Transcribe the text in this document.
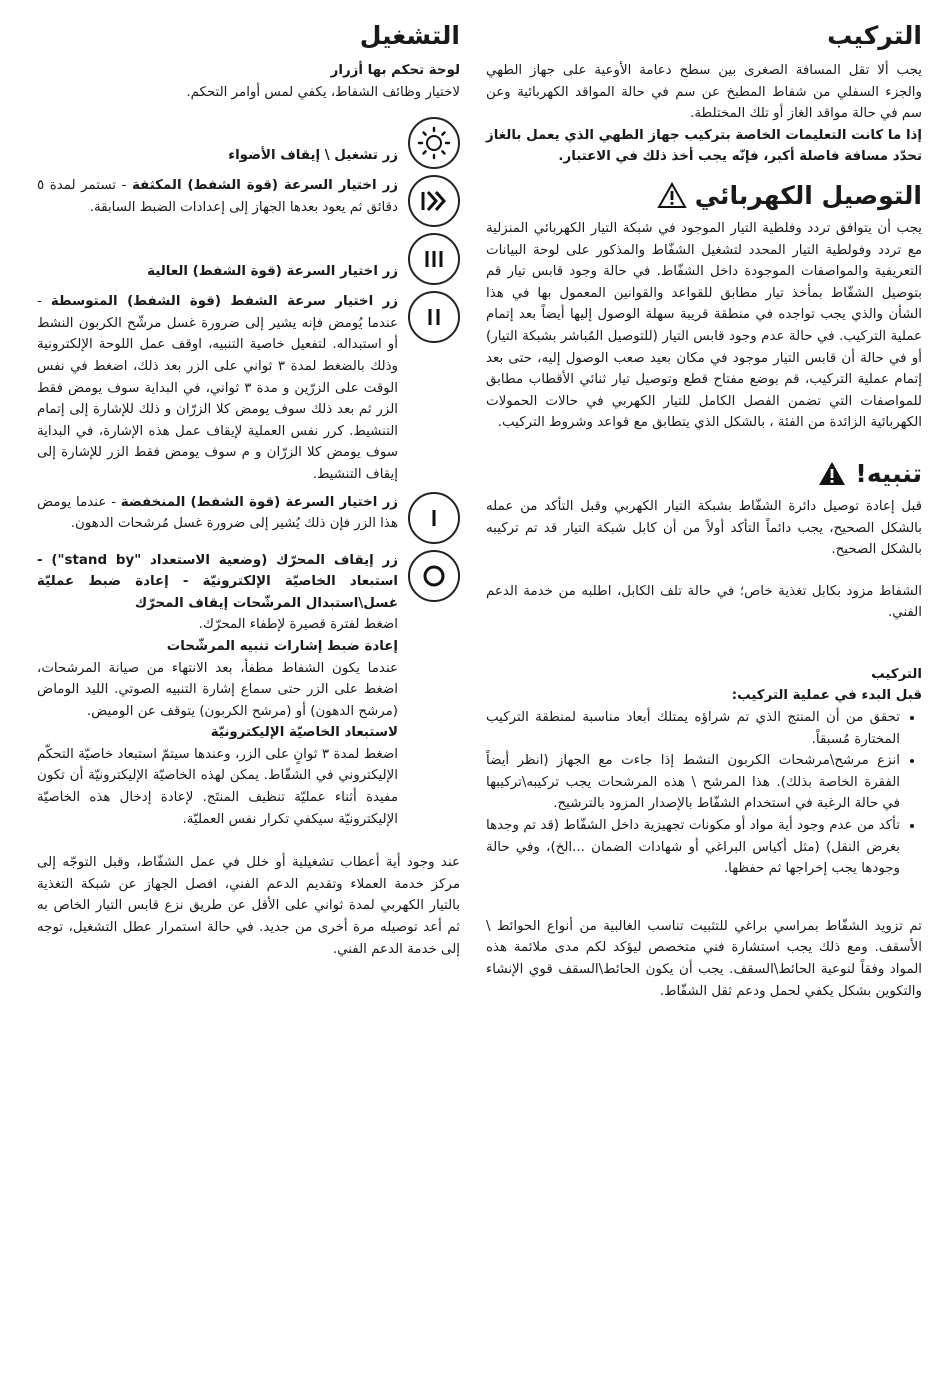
التركيب

يجب ألا تقل المسافة الصغرى بين سطح دعامة الأوعية على جهاز الطهي والجزء السفلي من شفاط المطبخ عن سم في حالة المواقد الكهربائية وعن سم في حالة مواقد الغاز أو تلك المختلطة.

إذا ما كانت التعليمات الخاصة بتركيب جهاز الطهي الذي يعمل بالغاز تحدّد مسافة فاصلة أكبر، فإنّه يجب أخذ ذلك في الاعتبار.

التوصيل الكهربائي

يجب أن يتوافق تردد وفلطية التيار الموجود في شبكة التيار الكهربائي المنزلية مع تردد وفولطية التيار المحدد لتشغيل الشفّاط والمذكور على لوحة البيانات التعريفية والمواصفات الموجودة داخل الشفّاط. في حالة وجود قابس تيار قم بتوصيل الشفّاط بمأخذ تيار مطابق للقواعد والقوانين المعمول بها في هذا الشأن والذي يجب تواجده في منطقة قريبة سهلة الوصول إليها أيضاً بعد إتمام عملية التركيب. في حالة عدم وجود قابس التيار (للتوصيل المُباشر بشبكة التيار) أو في حالة أن قابس التيار موجود في مكان بعيد صعب الوصول إليه، حتى بعد إتمام عملية التركيب، قم بوضع مفتاح قطع وتوصيل تيار ثنائي الأقطاب مطابق للمواصفات التي تضمن الفصل الكامل للتيار الكهربي في حالات الحمولات الكهربائية الزائدة من الفئة ، بالشكل الذي يتطابق مع قواعد وشروط التركيب.

تنبيه!

قبل إعادة توصيل دائرة الشفّاط بشبكة التيار الكهربي وقبل التأكد من عمله بالشكل الصحيح، يجب دائماً التأكد أولاً من أن كابل شبكة التيار قد تم تركيبه بالشكل الصحيح.

الشفاط مزود بكابل تغذية خاص؛ في حالة تلف الكابل، اطلبه من خدمة الدعم الفني.

التركيب

قبل البدء في عملية التركيب:

• تحقق من أن المنتج الذي تم شراؤه يمتلك أبعاد مناسبة لمنطقة التركيب المختارة مُسبقاً.
• انزع مرشح\مرشحات الكربون النشط إذا جاءت مع الجهاز (انظر أيضاً الفقرة الخاصة بذلك). هذا المرشح \ هذه المرشحات يجب تركيبه\تركيبها في حالة الرغبة في استخدام الشفّاط بالإصدار المزود بالترشيح.
• تأكد من عدم وجود أية مواد أو مكونات تجهيزية داخل الشفّاط (قد تم وجدها بغرض النقل) (مثل أكياس البراغي أو شهادات الضمان ...الخ)، وفي حالة وجودها يجب إخراجها ثم حفظها.

تم تزويد الشفّاط بمراسي براغي للتثبيت تناسب الغالبية من أنواع الحوائط \ الأسقف. ومع ذلك يجب استشارة فني متخصص ليؤكد لكم مدى ملائمة هذه المواد وفقاً لنوعية الحائط\السقف. يجب أن يكون الحائط\السقف قوي الإنشاء والتكوين بشكل يكفي لحمل ودعم ثقل الشفّاط.

التشغيل

لوحة تحكم بها أزرار

لاختيار وظائف الشفاط، يكفي لمس أوامر التحكم.

زر تشغيل \ إيقاف الأضواء

زر اختيار السرعة (قوة الشفط) المكثفة - تستمر لمدة ٥ دقائق ثم يعود بعدها الجهاز إلى إعدادات الضبط السابقة.

زر اختيار السرعة (قوة الشفط) العالية

زر اختيار سرعة الشفط (قوة الشفط) المتوسطة - عندما يُومض فإنه يشير إلى ضرورة غسل مرشّح الكربون النشط أو استبداله. لتفعيل خاصية التنبيه، اوقف عمل اللوحة الإلكترونية وذلك بالضغط لمدة ٣ ثواني على الزر بعد ذلك، اضغط في نفس الوقت على الزرّين و مدة ٣ ثواني، في البداية سوف يومض فقط الزر ثم بعد ذلك سوف يومض كلا الزرّان و ذلك للإشارة إلى إتمام التنشيط. كرر نفس العملية لإيقاف عمل هذه الإشارة، في البداية سوف يومض كلا الزرّان و م سوف يومض فقط الزر للإشارة إلى إيقاف التنشيط.

زر اختيار السرعة (قوة الشفط) المنخفضة - عندما يومض هذا الزر فإن ذلك يُشير إلى ضرورة غسل مُرشحات الدهون.

زر إيقاف المحرّك (وضعية الاستعداد "stand by") - استبعاد الخاصيّة الإلكترونيّة - إعادة ضبط عمليّة غسل\استبدال المرشّحات إيقاف المحرّك

اضغط لفترة قصيرة لإطفاء المحرّك.

إعادة ضبط إشارات تنبيه المرشّحات

عندما يكون الشفاط مطفأ، بعد الانتهاء من صيانة المرشحات، اضغط على الزر حتى سماع إشارة التنبيه الصوتي. الليد الوماض (مرشح الدهون) أو (مرشح الكربون) يتوقف عن الوميض.

لاستبعاد الخاصيّة الإليكترونيّة

اضغط لمدة ٣ ثوانٍ على الزر، وعندها سيتمّ استبعاد خاصيّة التحكّم الإليكتروني في الشفّاط. يمكن لهذه الخاصيّة الإليكترونيّة أن تكون مفيدة أثناء عمليّة تنظيف المنتَج. لإعادة إدخال هذه الخاصيّة الإليكترونيّة سيكفي تكرار نفس العمليّة.

عند وجود أية أعطاب تشغيلية أو خلل في عمل الشفّاط، وقبل التوجّه إلى مركز خدمة العملاء وتقديم الدعم الفني، افصل الجهاز عن شبكة التغذية بالتيار الكهربي لمدة ثواني على الأقل عن طريق نزع قابس التيار الخاص به ثم أعد توصيله مرة أخرى من جديد. في حالة استمرار عطل التشغيل، توجه إلى خدمة الدعم الفني.
